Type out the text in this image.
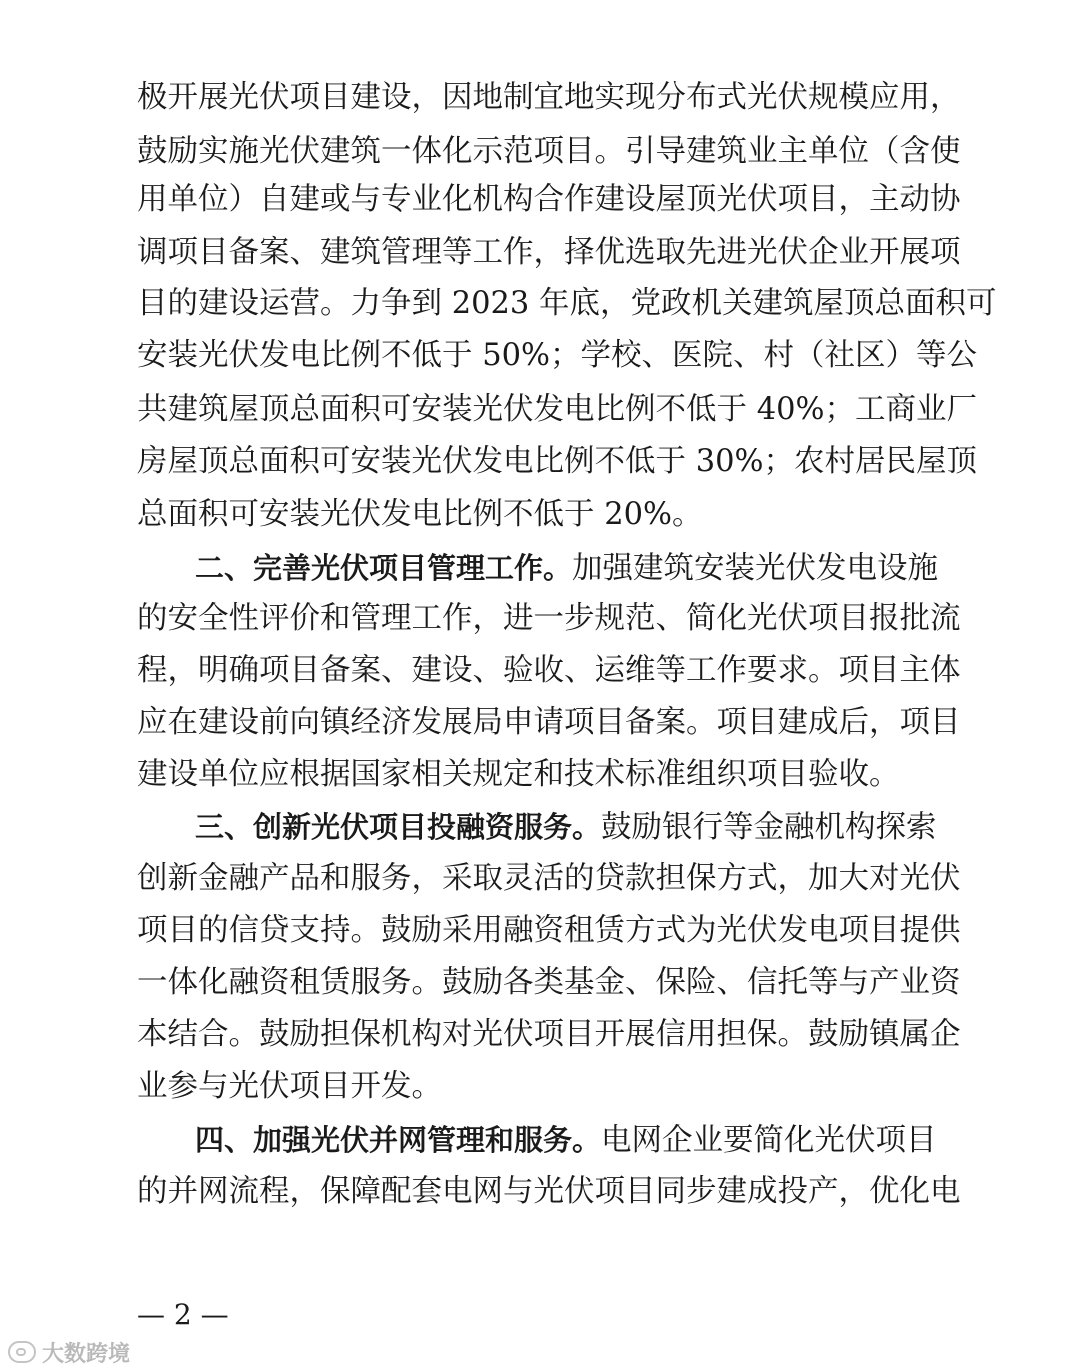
极开展光伏项目建设，因地制宜地实现分布式光伏规模应用，
鼓励实施光伏建筑一体化示范项目。引导建筑业主单位（含使
用单位）自建或与专业化机构合作建设屋顶光伏项目，主动协
调项目备案、建筑管理等工作，择优选取先进光伏企业开展项
目的建设运营。力争到 2023 年底，党政机关建筑屋顶总面积可
安装光伏发电比例不低于 50%；学校、医院、村（社区）等公
共建筑屋顶总面积可安装光伏发电比例不低于 40%；工商业厂
房屋顶总面积可安装光伏发电比例不低于 30%；农村居民屋顶
总面积可安装光伏发电比例不低于 20%。
二、完善光伏项目管理工作。加强建筑安装光伏发电设施
的安全性评价和管理工作，进一步规范、简化光伏项目报批流
程，明确项目备案、建设、验收、运维等工作要求。项目主体
应在建设前向镇经济发展局申请项目备案。项目建成后，项目
建设单位应根据国家相关规定和技术标准组织项目验收。
三、创新光伏项目投融资服务。鼓励银行等金融机构探索
创新金融产品和服务，采取灵活的贷款担保方式，加大对光伏
项目的信贷支持。鼓励采用融资租赁方式为光伏发电项目提供
一体化融资租赁服务。鼓励各类基金、保险、信托等与产业资
本结合。鼓励担保机构对光伏项目开展信用担保。鼓励镇属企
业参与光伏项目开发。
四、加强光伏并网管理和服务。电网企业要简化光伏项目
的并网流程，保障配套电网与光伏项目同步建成投产，优化电
— 2 —
大数跨境
